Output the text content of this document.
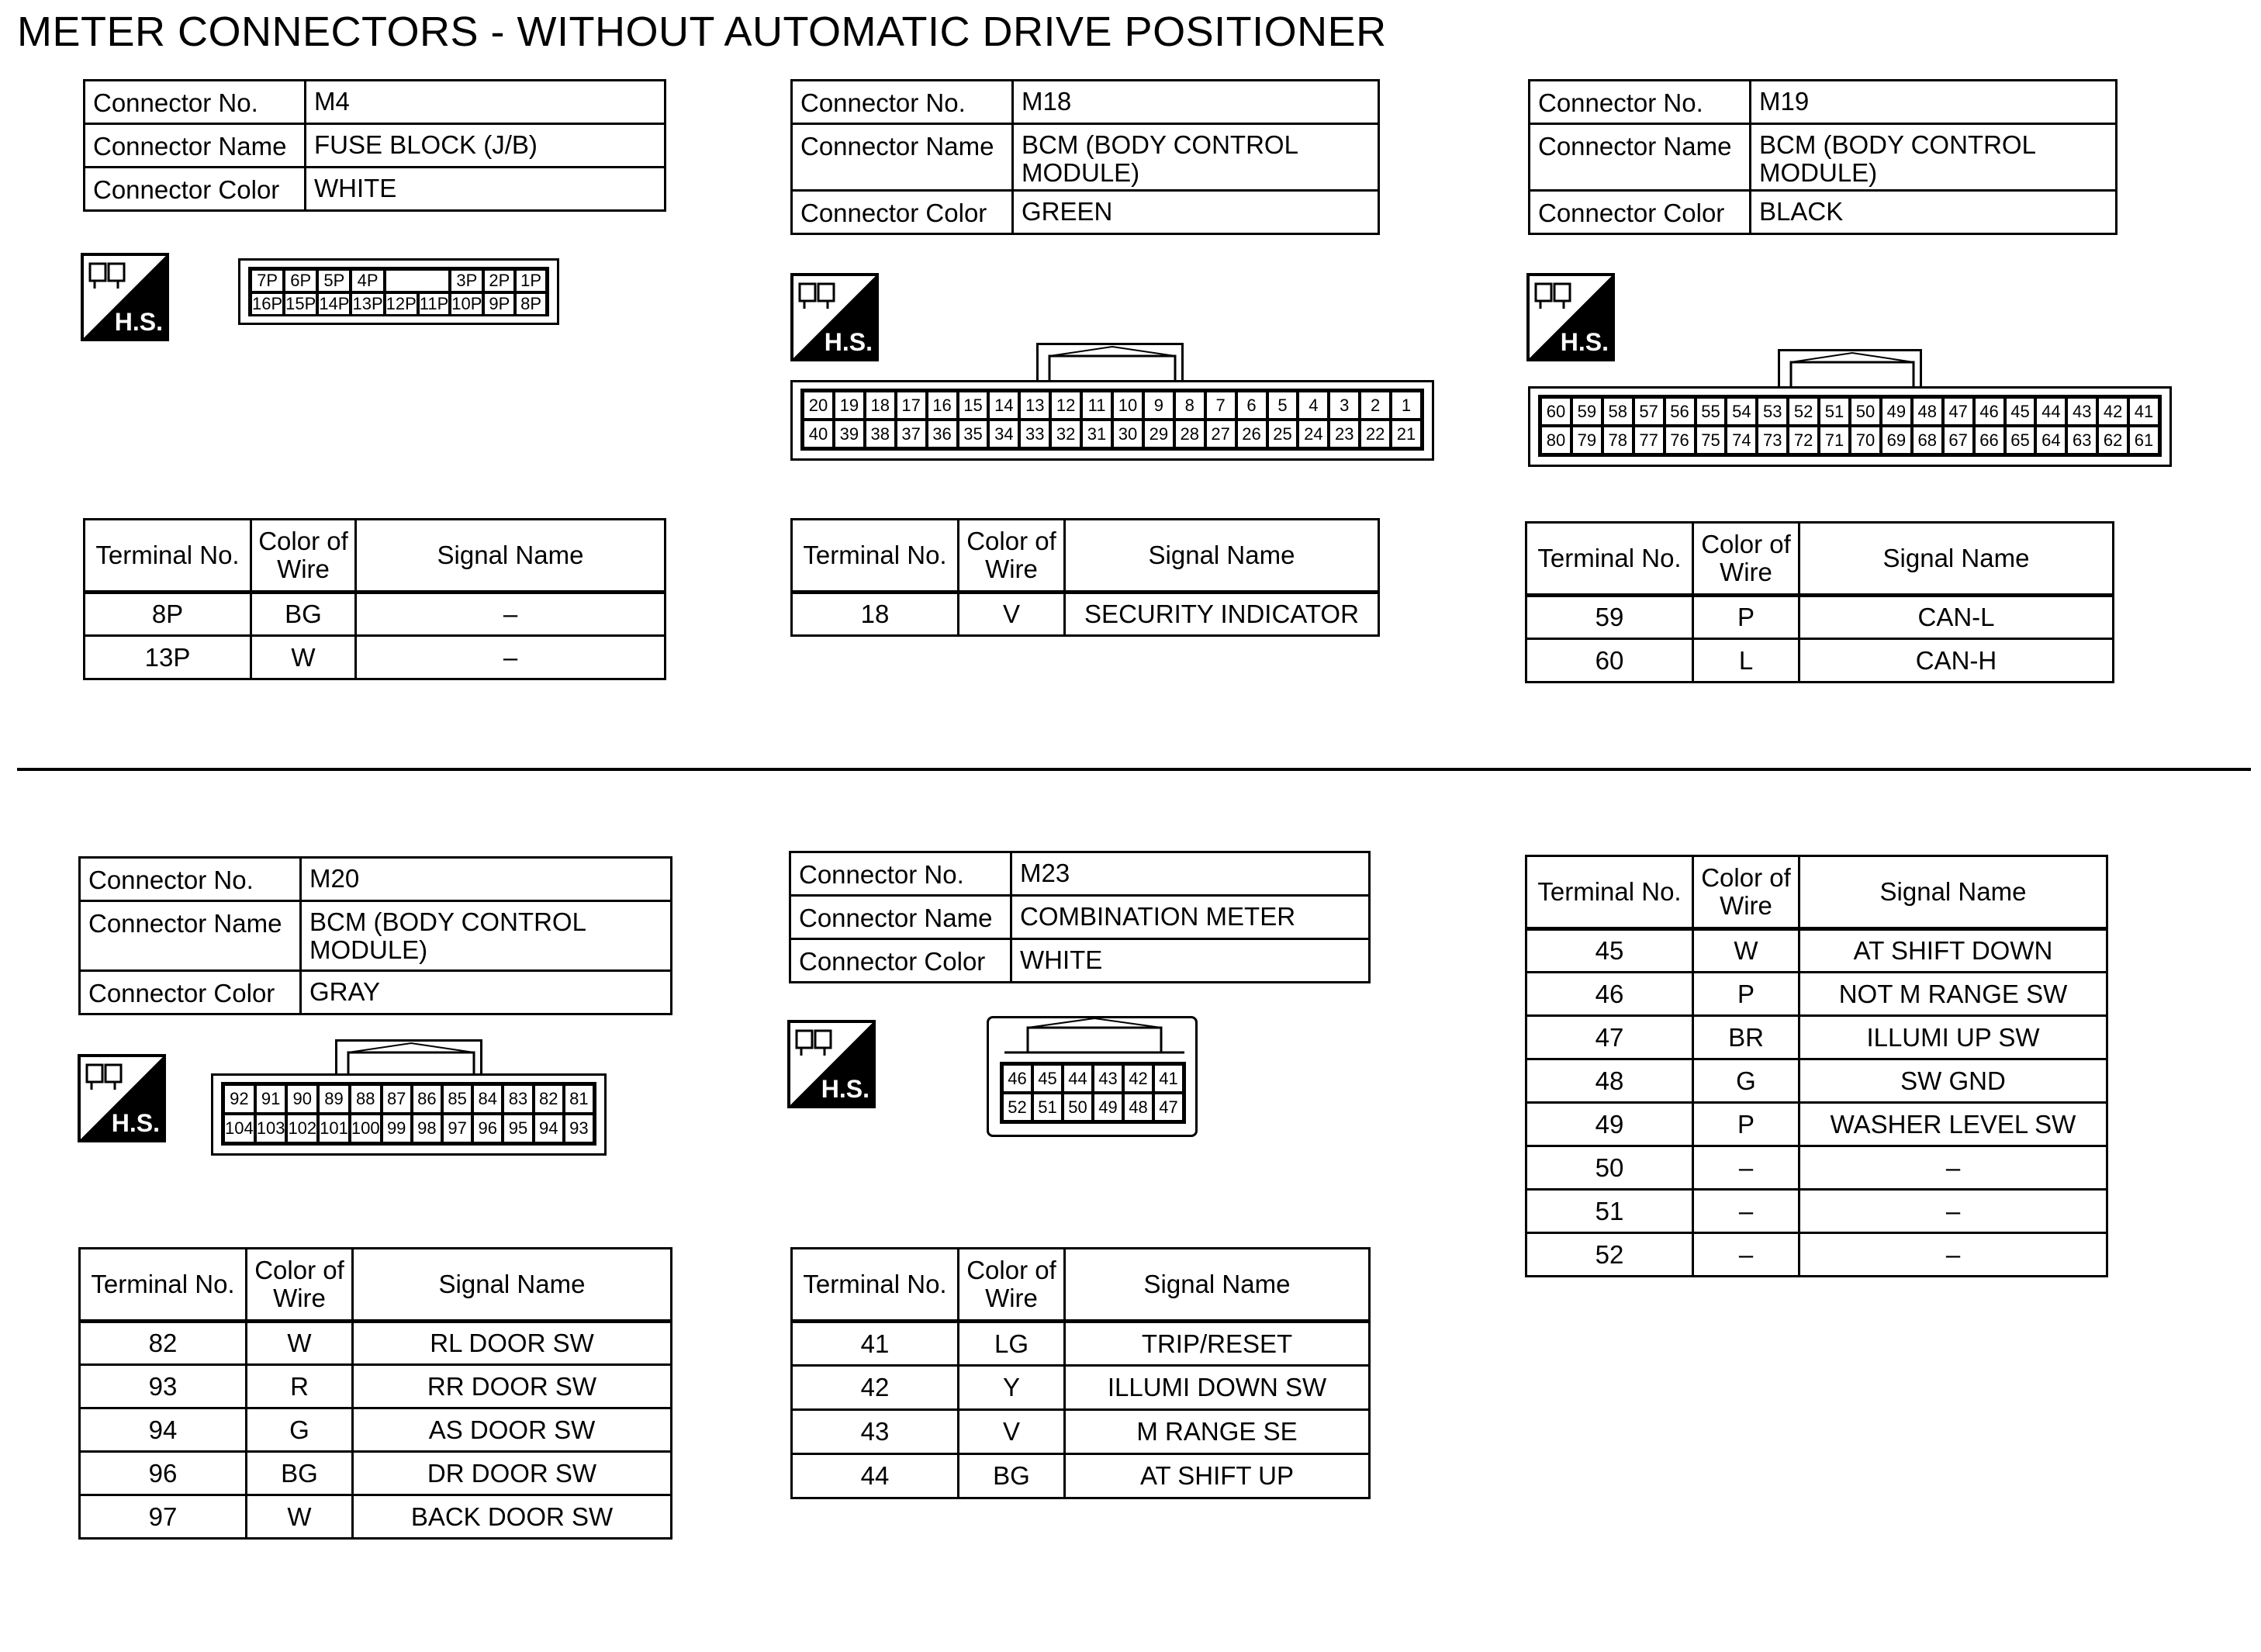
METER CONNECTORS - WITHOUT AUTOMATIC DRIVE POSITIONER
Connector No.	M4
Connector Name	FUSE BLOCK (J/B)
Connector Color	WHITE
H.S.
7P 6P 5P 4P	3P 2P 1P
16P 15P 14P 13P 12P 11P 10P 9P 8P
Terminal No.	Color of Wire	Signal Name
8P	BG	–
13P	W	–
Connector No.	M18
Connector Name	BCM (BODY CONTROL MODULE)
Connector Color	GREEN
H.S.
20 19 18 17 16 15 14 13 12 11 10 9	8	7	6	5	4	3	2	1
40 39 38 37 36 35 34 33 32 31 30 29 28 27 26 25 24 23 22 21
Terminal No.	Color of Wire	Signal Name
18	V	SECURITY INDICATOR
Connector No.	M19
Connector Name	BCM (BODY CONTROL MODULE)
Connector Color	BLACK
H.S.
60 59 58 57 56 55 54 53 52 51 50 49 48 47 46 45 44 43 42 41
80 79 78 77 76 75 74 73 72 71 70 69 68 67 66 65 64 63 62 61
Terminal No.	Color of Wire	Signal Name
59	P	CAN-L
60	L	CAN-H
Connector No.	M20
Connector Name	BCM (BODY CONTROL MODULE)
Connector Color	GRAY
H.S.
92 91 90 89 88 87 86 85 84 83 82 81
104 103 102 101 100 99 98 97 96 95 94 93
Terminal No.	Color of Wire	Signal Name
82	W	RL DOOR SW
93	R	RR DOOR SW
94	G	AS DOOR SW
96	BG	DR DOOR SW
97	W	BACK DOOR SW
Connector No.	M23
Connector Name	COMBINATION METER
Connector Color	WHITE
H.S.	46 45 44 43 42 41
52 51 50 49 48 47
Terminal No.	Color of Wire	Signal Name
41	LG	TRIP/RESET
42	Y	ILLUMI DOWN SW
43	V	M RANGE SE
44	BG	AT SHIFT UP
Terminal No.	Color of Wire	Signal Name
45	W	AT SHIFT DOWN
46	P	NOT M RANGE SW
47	BR	ILLUMI UP SW
48	G	SW GND
49	P	WASHER LEVEL SW
50	–	–
51	–	–
52	–	–
